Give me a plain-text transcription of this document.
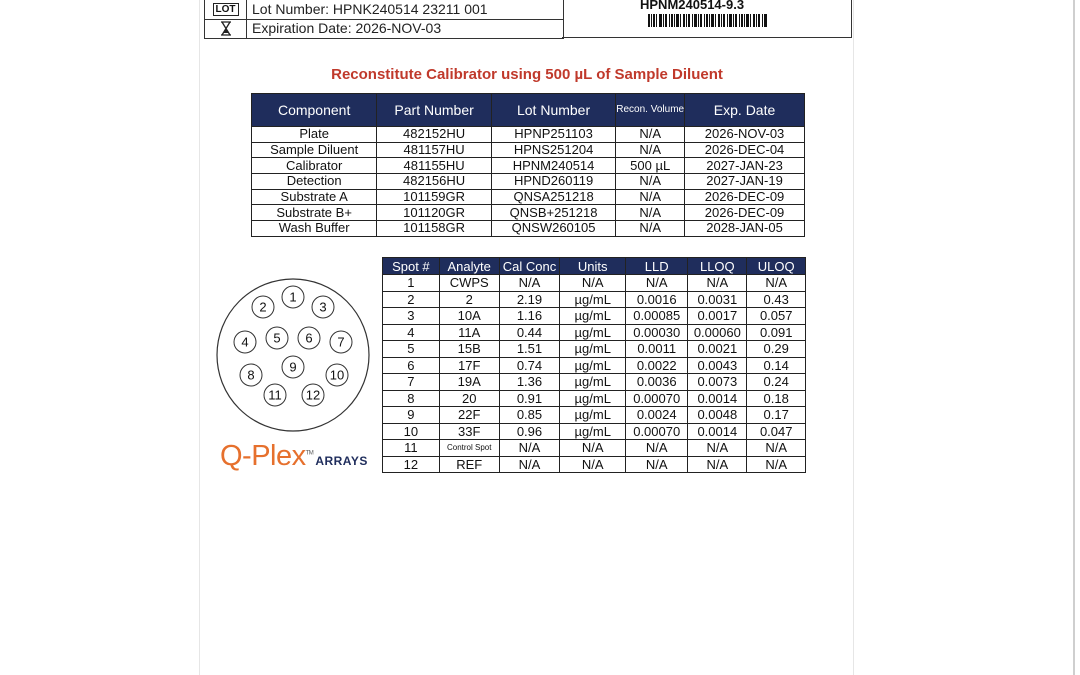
LOT Lot Number: HPNK240514 23211 001
Expiration Date: 2026-NOV-03
HPNM240514-9.3
Reconstitute Calibrator using 500 µL of Sample Diluent
Component	Part Number	Lot Number	Recon. Volume	Exp. Date
Plate	482152HU	HPNP251103	N/A	2026-NOV-03
Sample Diluent	481157HU	HPNS251204	N/A	2026-DEC-04
Calibrator	481155HU	HPNM240514	500 µL	2027-JAN-23
Detection	482156HU	HPND260119	N/A	2027-JAN-19
Substrate A	101159GR	QNSA251218	N/A	2026-DEC-09
Substrate B+	101120GR	QNSB+251218	N/A	2026-DEC-09
Wash Buffer	101158GR	QNSW260105	N/A	2028-JAN-05
Spot #	Analyte	Cal Conc	Units	LLD	LLOQ	ULOQ
1	CWPS	N/A	N/A	N/A	N/A	N/A
2	2	2.19	µg/mL	0.0016	0.0031	0.43
3	10A	1.16	µg/mL	0.00085	0.0017	0.057
4	11A	0.44	µg/mL	0.00030	0.00060	0.091
5	15B	1.51	µg/mL	0.0011	0.0021	0.29
6	17F	0.74	µg/mL	0.0022	0.0043	0.14
7	19A	1.36	µg/mL	0.0036	0.0073	0.24
8	20	0.91	µg/mL	0.00070	0.0014	0.18
9	22F	0.85	µg/mL	0.0024	0.0048	0.17
10	33F	0.96	µg/mL	0.00070	0.0014	0.047
11	Control Spot	N/A	N/A	N/A	N/A	N/A
12	REF	N/A	N/A	N/A	N/A	N/A
1
2	3
4 5 6 7
8
9
10
11 12
Q-Plex™ARRAYS
